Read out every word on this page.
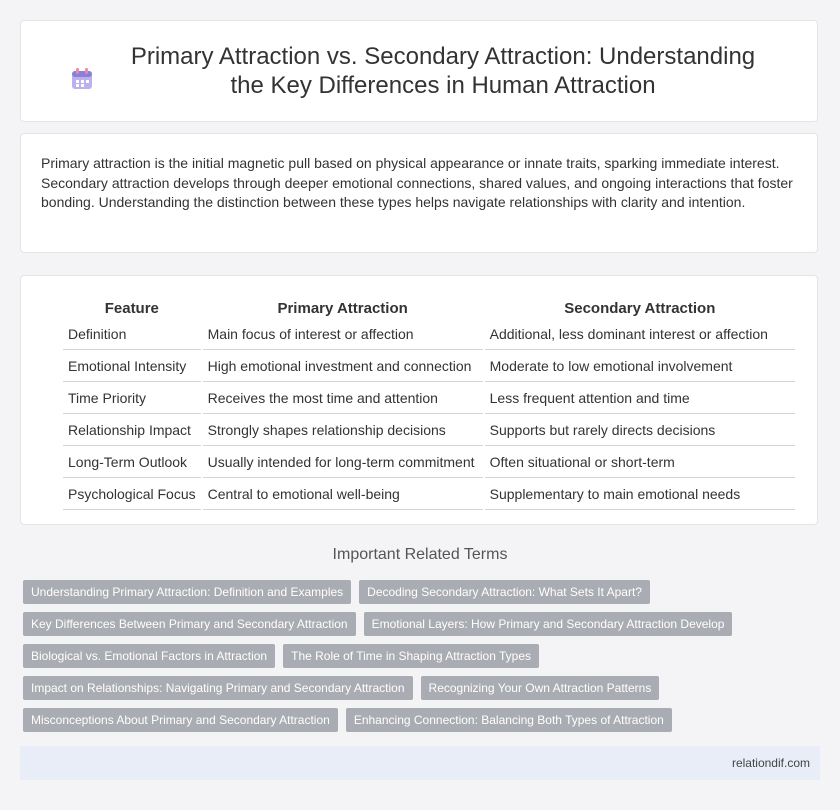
Primary Attraction vs. Secondary Attraction: Understanding the Key Differences in Human Attraction

Primary attraction is the initial magnetic pull based on physical appearance or innate traits, sparking immediate interest. Secondary attraction develops through deeper emotional connections, shared values, and ongoing interactions that foster bonding. Understanding the distinction between these types helps navigate relationships with clarity and intention.

Feature	Primary Attraction	Secondary Attraction
Definition	Main focus of interest or affection	Additional, less dominant interest or affection
Emotional Intensity	High emotional investment and connection	Moderate to low emotional involvement
Time Priority	Receives the most time and attention	Less frequent attention and time
Relationship Impact	Strongly shapes relationship decisions	Supports but rarely directs decisions
Long-Term Outlook	Usually intended for long-term commitment	Often situational or short-term
Psychological Focus	Central to emotional well-being	Supplementary to main emotional needs
Important Related Terms
Understanding Primary Attraction: Definition and Examples	Decoding Secondary Attraction: What Sets It Apart?
Key Differences Between Primary and Secondary Attraction	Emotional Layers: How Primary and Secondary Attraction Develop
Biological vs. Emotional Factors in Attraction	The Role of Time in Shaping Attraction Types
Impact on Relationships: Navigating Primary and Secondary Attraction	Recognizing Your Own Attraction Patterns
Misconceptions About Primary and Secondary Attraction	Enhancing Connection: Balancing Both Types of Attraction
relationdif.com
